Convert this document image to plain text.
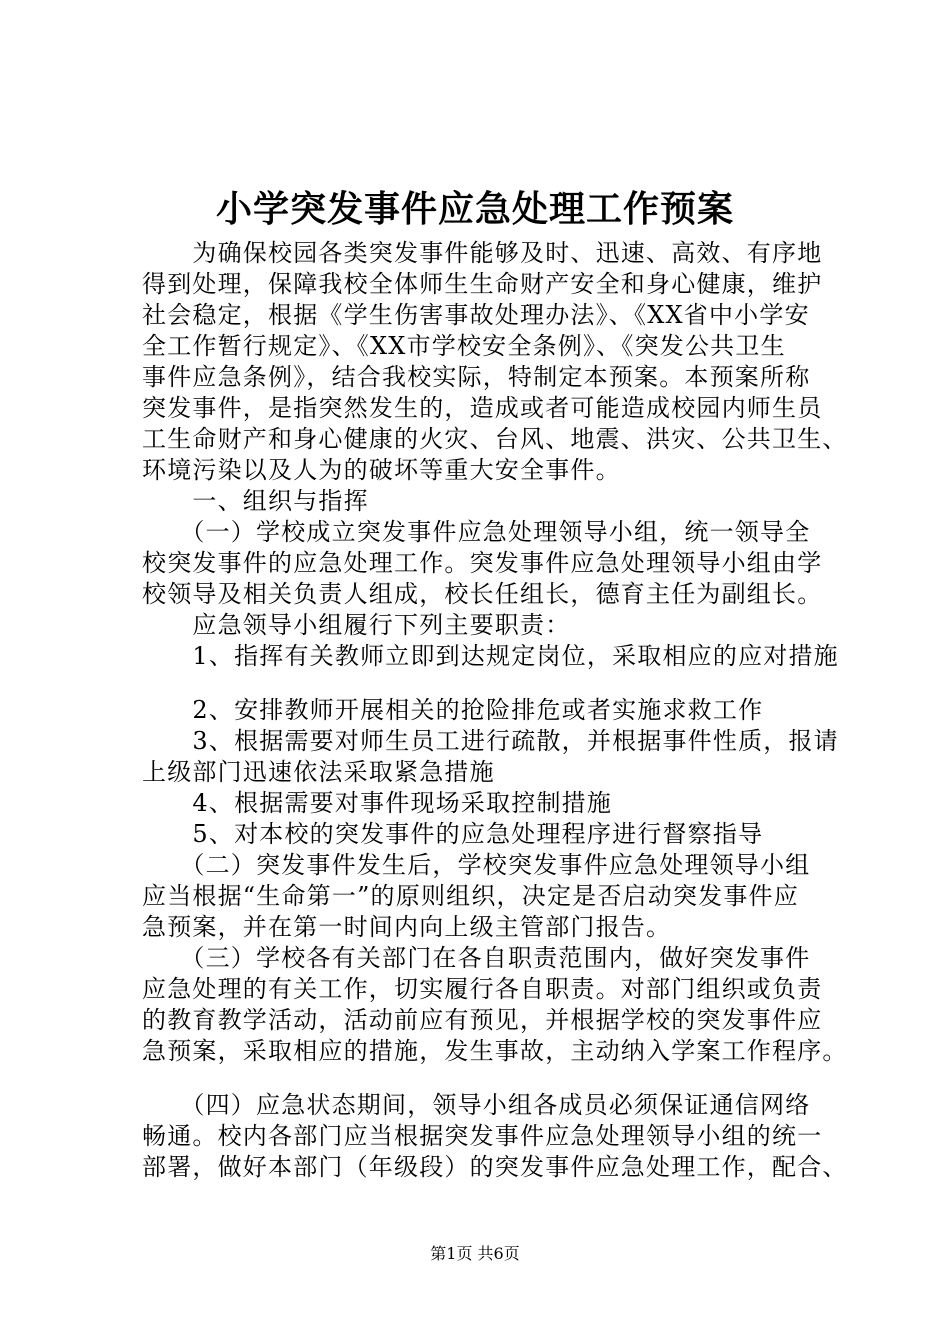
小学突发事件应急处理工作预案
　　为确保校园各类突发事件能够及时、迅速、高效、有序地
得到处理，保障我校全体师生生命财产安全和身心健康，维护
社会稳定，根据《学生伤害事故处理办法》、《XX省中小学安
全工作暂行规定》、《XX市学校安全条例》、《突发公共卫生
事件应急条例》，结合我校实际，特制定本预案。本预案所称
突发事件，是指突然发生的，造成或者可能造成校园内师生员
工生命财产和身心健康的火灾、台风、地震、洪灾、公共卫生、
环境污染以及人为的破坏等重大安全事件。
　　一、组织与指挥
　　（一）学校成立突发事件应急处理领导小组，统一领导全
校突发事件的应急处理工作。突发事件应急处理领导小组由学
校领导及相关负责人组成，校长任组长，德育主任为副组长。
　　应急领导小组履行下列主要职责：
　　1、指挥有关教师立即到达规定岗位，采取相应的应对措施
　　2、安排教师开展相关的抢险排危或者实施求救工作
　　3、根据需要对师生员工进行疏散，并根据事件性质，报请
上级部门迅速依法采取紧急措施
　　4、根据需要对事件现场采取控制措施
　　5、对本校的突发事件的应急处理程序进行督察指导
　　（二）突发事件发生后，学校突发事件应急处理领导小组
应当根据“生命第一”的原则组织，决定是否启动突发事件应
急预案，并在第一时间内向上级主管部门报告。
　　（三）学校各有关部门在各自职责范围内，做好突发事件
应急处理的有关工作，切实履行各自职责。对部门组织或负责
的教育教学活动，活动前应有预见，并根据学校的突发事件应
急预案，采取相应的措施，发生事故，主动纳入学案工作程序。
　　（四）应急状态期间，领导小组各成员必须保证通信网络
畅通。校内各部门应当根据突发事件应急处理领导小组的统一
部署，做好本部门（年级段）的突发事件应急处理工作，配合、
第1页 共6页
